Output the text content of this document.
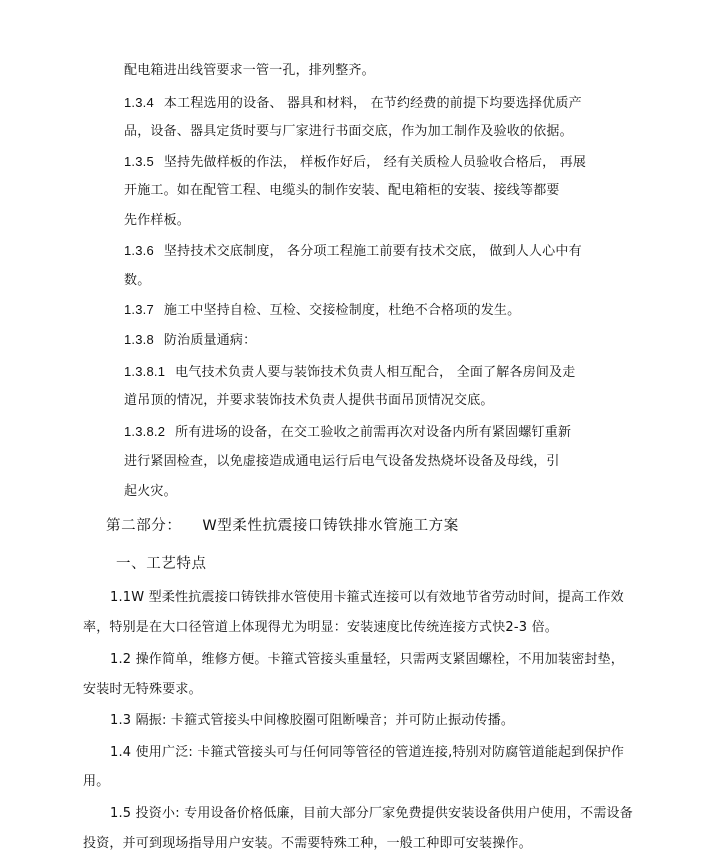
配电箱进出线管要求一管一孔，排列整齐。
1.3.4 本工程选用的设备、 器具和材料， 在节约经费的前提下均要选择优质产
品，设备、器具定货时要与厂家进行书面交底，作为加工制作及验收的依据。
1.3.5 坚持先做样板的作法， 样板作好后， 经有关质检人员验收合格后， 再展
开施工。如在配管工程、电缆头的制作安装、配电箱柜的安装、接线等都要
先作样板。
1.3.6 坚持技术交底制度， 各分项工程施工前要有技术交底， 做到人人心中有
数。
1.3.7 施工中坚持自检、互检、交接检制度，杜绝不合格项的发生。
1.3.8 防治质量通病：
1.3.8.1 电气技术负责人要与装饰技术负责人相互配合， 全面了解各房间及走
道吊顶的情况，并要求装饰技术负责人提供书面吊顶情况交底。
1.3.8.2 所有进场的设备，在交工验收之前需再次对设备内所有紧固螺钉重新
进行紧固检查，以免虚接造成通电运行后电气设备发热烧坏设备及母线，引
起火灾。
第二部分： W型柔性抗震接口铸铁排水管施工方案
一、工艺特点
1.1W 型柔性抗震接口铸铁排水管使用卡箍式连接可以有效地节省劳动时间，提高工作效
率，特别是在大口径管道上体现得尤为明显：安装速度比传统连接方式快2-3 倍。
1.2 操作简单，维修方便。卡箍式管接头重量轻，只需两支紧固螺栓，不用加装密封垫，
安装时无特殊要求。
1.3 隔振: 卡箍式管接头中间橡胶圈可阻断噪音；并可防止振动传播。
1.4 使用广泛: 卡箍式管接头可与任何同等管径的管道连接,特别对防腐管道能起到保护作
用。
1.5 投资小: 专用设备价格低廉，目前大部分厂家免费提供安装设备供用户使用，不需设备
投资，并可到现场指导用户安装。不需要特殊工种，一般工种即可安装操作。
